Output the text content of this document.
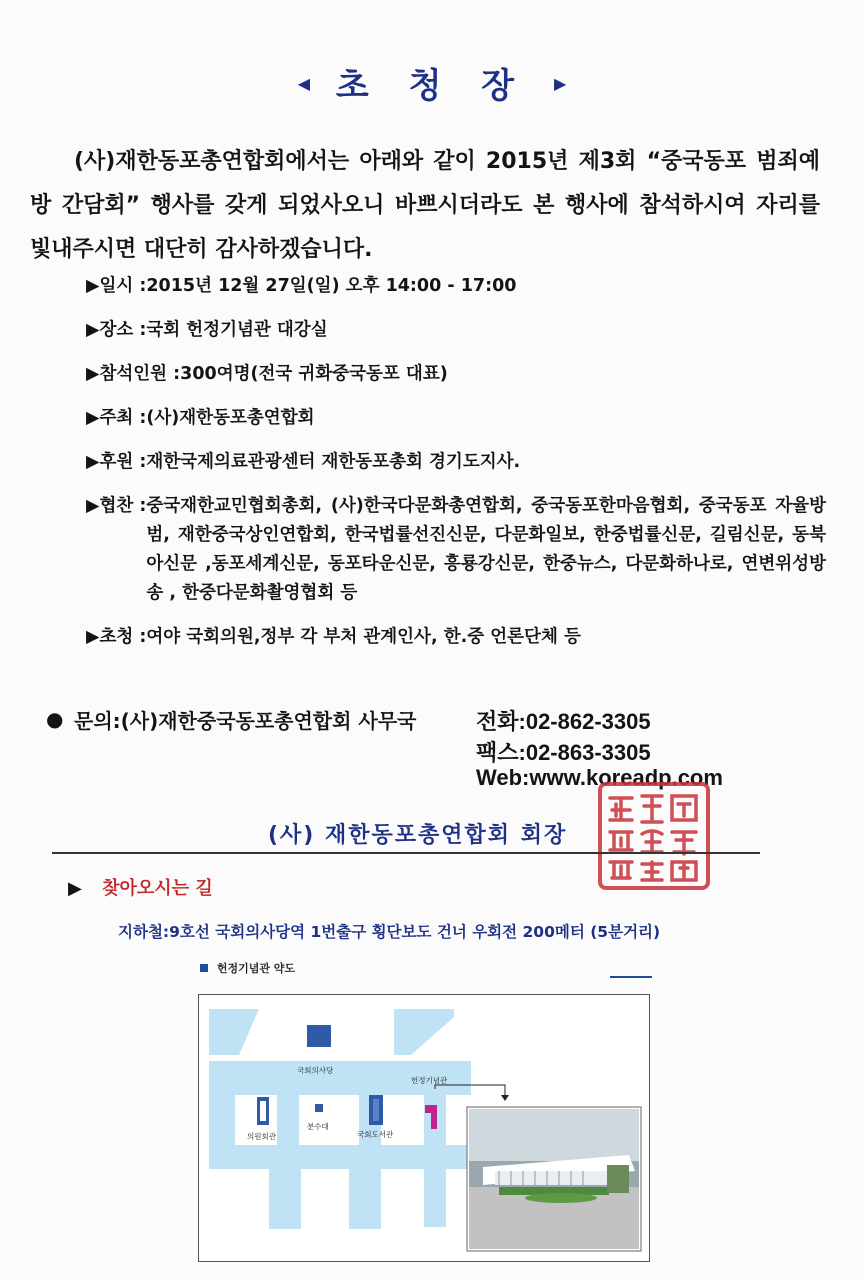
◀ 초 청 장 ▶
(사)재한동포총연합회에서는 아래와 같이 2015년 제3회 “중국동포 범죄예방 간담회” 행사를 갖게 되었사오니 바쁘시더라도 본 행사에 참석하시여 자리를 빛내주시면 대단히 감사하겠습니다.
▶일시 : 2015년 12월 27일(일) 오후 14:00 - 17:00
▶장소 : 국회 헌정기념관 대강실
▶참석인원 : 300여명(전국 귀화중국동포 대표)
▶주최 : (사)재한동포총연합회
▶후원 : 재한국제의료관광센터 재한동포총회 경기도지사.
▶협찬 : 중국재한교민협회총회, (사)한국다문화총연합회, 중국동포한마음협회, 중국동포 자율방범, 재한중국상인연합회, 한국법률선진신문, 다문화일보, 한중법률신문, 길림신문, 동북아신문 ,동포세계신문, 동포타운신문, 흥룡강신문, 한중뉴스, 다문화하나로, 연변위성방송 , 한중다문화촬영협회 등
▶초청 : 여야 국회의원,정부 각 부처 관계인사, 한.중 언론단체 등
● 문의:(사)재한중국동포총연합회 사무국	전화:02-862-3305
팩스:02-863-3305
Web:www.koreadp.com
(사) 재한동포총연합회 회장
▶ 찾아오시는 길
지하철:9호선 국회의사당역 1번출구 횡단보도 건너 우회전 200메터 (5분거리)
헌정기념관 약도
국회의사당
헌정기념관
의원회관
분수대
국회도서관
